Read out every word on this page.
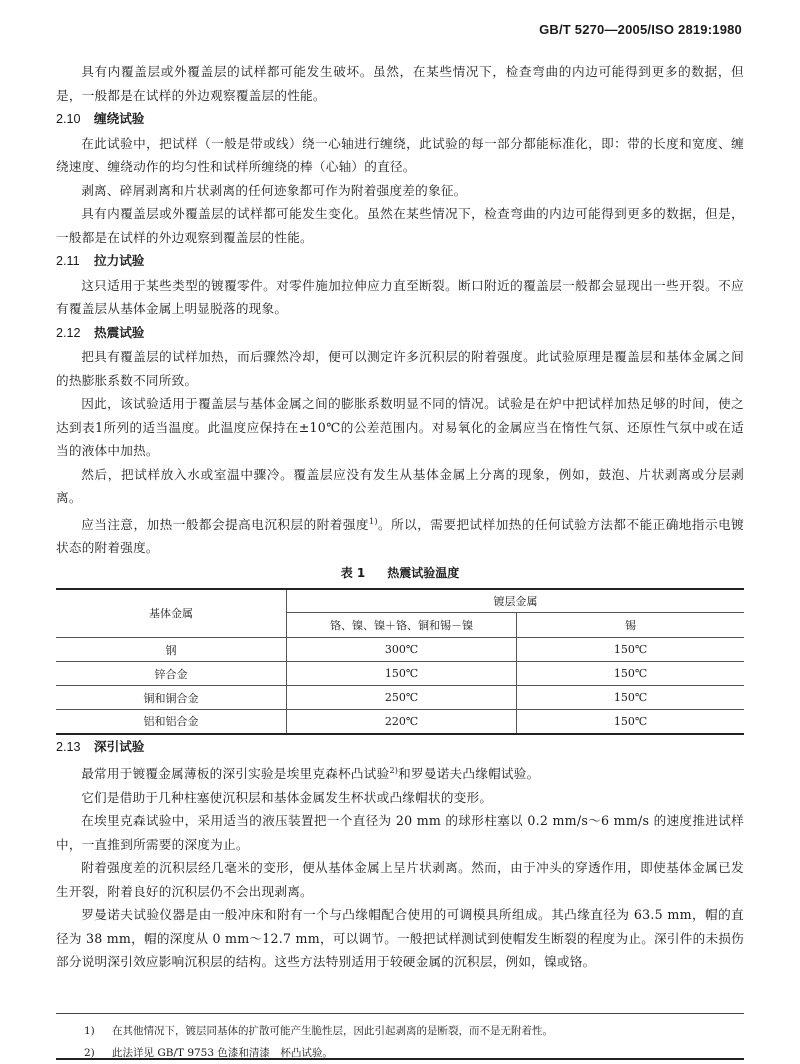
GB/T 5270—2005/ISO 2819:1980

具有内覆盖层或外覆盖层的试样都可能发生破坏。虽然，在某些情况下，检查弯曲的内边可能得到更多的数据，但是，一般都是在试样的外边观察覆盖层的性能。

2.10 缠绕试验

在此试验中，把试样（一般是带或线）绕一心轴进行缠绕，此试验的每一部分都能标准化，即：带的长度和宽度、缠绕速度、缠绕动作的均匀性和试样所缠绕的棒（心轴）的直径。

剥离、碎屑剥离和片状剥离的任何迹象都可作为附着强度差的象征。

具有内覆盖层或外覆盖层的试样都可能发生变化。虽然在某些情况下，检查弯曲的内边可能得到更多的数据，但是，一般都是在试样的外边观察到覆盖层的性能。

2.11 拉力试验

这只适用于某些类型的镀覆零件。对零件施加拉伸应力直至断裂。断口附近的覆盖层一般都会显现出一些开裂。不应有覆盖层从基体金属上明显脱落的现象。

2.12 热震试验

把具有覆盖层的试样加热，而后骤然冷却，便可以测定许多沉积层的附着强度。此试验原理是覆盖层和基体金属之间的热膨胀系数不同所致。

因此，该试验适用于覆盖层与基体金属之间的膨胀系数明显不同的情况。试验是在炉中把试样加热足够的时间，使之达到表1所列的适当温度。此温度应保持在±10℃的公差范围内。对易氧化的金属应当在惰性气氛、还原性气氛中或在适当的液体中加热。

然后，把试样放入水或室温中骤冷。覆盖层应没有发生从基体金属上分离的现象，例如，鼓泡、片状剥离或分层剥离。

应当注意，加热一般都会提高电沉积层的附着强度$^{1)}$。所以，需要把试样加热的任何试验方法都不能正确地指示电镀状态的附着强度。

表 1 热震试验温度
基体金属	镀层金属	
	铬、镍、镍＋铬、铜和锡－镍	锡
钢	300℃	150℃
锌合金	150℃	150℃
铜和铜合金	250℃	150℃
铝和铝合金	220℃	150℃

2.13 深引试验

最常用于镀覆金属薄板的深引实验是埃里克森杯凸试验$^{2)}$和罗曼诺夫凸缘帽试验。

它们是借助于几种柱塞使沉积层和基体金属发生杯状或凸缘帽状的变形。

在埃里克森试验中，采用适当的液压装置把一个直径为 20 mm 的球形柱塞以 0.2 mm/s～6 mm/s 的速度推进试样中，一直推到所需要的深度为止。

附着强度差的沉积层经几毫米的变形，便从基体金属上呈片状剥离。然而，由于冲头的穿透作用，即使基体金属已发生开裂，附着良好的沉积层仍不会出现剥离。

罗曼诺夫试验仪器是由一般冲床和附有一个与凸缘帽配合使用的可调模具所组成。其凸缘直径为 63.5 mm，帽的直径为 38 mm，帽的深度从 0 mm～12.7 mm，可以调节。一般把试样测试到使帽发生断裂的程度为止。深引件的未损伤部分说明深引效应影响沉积层的结构。这些方法特别适用于较硬金属的沉积层，例如，镍或铬。

1) 在其他情况下，镀层同基体的扩散可能产生脆性层，因此引起剥离的是断裂，而不是无附着性。

2) 此法详见 GB/T 9753 色漆和清漆　杯凸试验。
